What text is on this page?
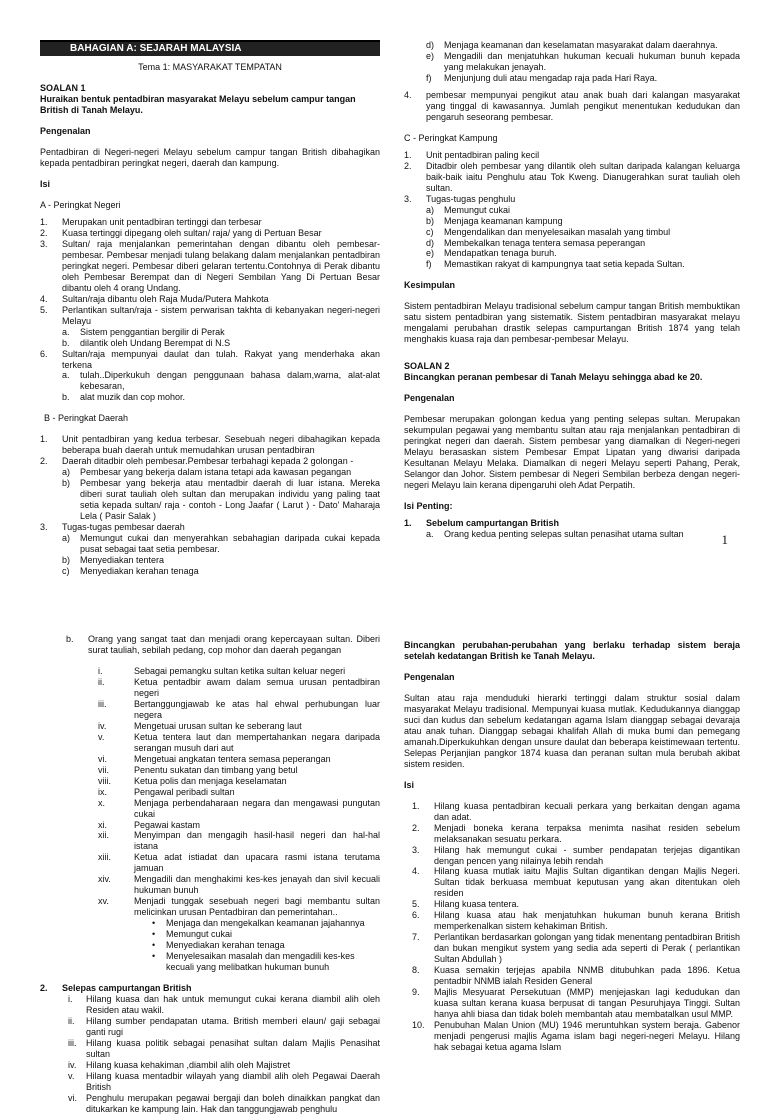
BAHAGIAN A: SEJARAH MALAYSIA

Tema 1: MASYARAKAT TEMPATAN

SOALAN 1

Huraikan bentuk pentadbiran masyarakat Melayu sebelum campur tangan British di Tanah Melayu.

Pengenalan

Pentadbiran di Negeri-negeri Melayu sebelum campur tangan British dibahagikan kepada pentadbiran peringkat negeri, daerah dan kampung.

Isi

A - Peringkat Negeri

1.	Merupakan unit pentadbiran tertinggi dan terbesar
2.	Kuasa tertinggi dipegang oleh sultan/ raja/ yang di Pertuan Besar
3.	Sultan/ raja menjalankan pemerintahan dengan dibantu oleh pembesar-pembesar. Pembesar menjadi tulang belakang dalam menjalankan pentadbiran peringkat negeri. Pembesar diberi gelaran tertentu.Contohnya di Perak dibantu oleh Pembesar Berempat dan di Negeri Sembilan Yang Di Pertuan Besar dibantu oleh 4 orang Undang.
4.	Sultan/raja dibantu oleh Raja Muda/Putera Mahkota
5.	Perlantikan sultan/raja - sistem perwarisan takhta di kebanyakan negeri-negeri Melayu
a.	Sistem penggantian bergilir di Perak
b.	dilantik oleh Undang Berempat di N.S
6.	Sultan/raja mempunyai daulat dan tulah. Rakyat yang menderhaka akan terkena
a.	tulah..Diperkukuh dengan penggunaan bahasa dalam,warna, alat-alat kebesaran,
b.	alat muzik dan cop mohor.

B - Peringkat Daerah

1.	Unit pentadbiran yang kedua terbesar. Sesebuah negeri dibahagikan kepada beberapa buah daerah untuk memudahkan urusan pentadbiran
2.	Daerah ditadbir oleh pembesar.Pembesar terbahagi kepada 2 golongan -
a)	Pembesar yang bekerja dalam istana tetapi ada kawasan pegangan
b)	Pembesar yang bekerja atau mentadbir daerah di luar istana. Mereka diberi surat tauliah oleh sultan dan merupakan individu yang paling taat setia kepada sultan/ raja - contoh - Long Jaafar ( Larut ) - Dato' Maharaja Lela ( Pasir Salak )
3.	Tugas-tugas pembesar daerah
a)	Memungut cukai dan menyerahkan sebahagian daripada cukai kepada pusat sebagai taat setia pembesar.
b)	Menyediakan tentera
c)	Menyediakan kerahan tenaga
d)	Menjaga keamanan dan keselamatan masyarakat dalam daerahnya.
e)	Mengadili dan menjatuhkan hukuman kecuali hukuman bunuh kepada yang melakukan jenayah.
f)	Menjunjung duli atau mengadap raja pada Hari Raya.
4.	pembesar mempunyai pengikut atau anak buah dari kalangan masyarakat yang tinggal di kawasannya. Jumlah pengikut menentukan kedudukan dan pengaruh seseorang pembesar.

C - Peringkat Kampung

1.	Unit pentadbiran paling kecil
2.	Ditadbir oleh pembesar yang dilantik oleh sultan daripada kalangan keluarga baik-baik iaitu Penghulu atau Tok Kweng. Dianugerahkan surat tauliah oleh sultan.
3.	Tugas-tugas penghulu
a)	Memungut cukai
b)	Menjaga keamanan kampung
c)	Mengendalikan dan menyelesaikan masalah yang timbul
d)	Membekalkan tenaga tentera semasa peperangan
e)	Mendapatkan tenaga buruh.
f)	Memastikan rakyat di kampungnya taat setia kepada Sultan.

Kesimpulan

Sistem pentadbiran Melayu tradisional sebelum campur tangan British membuktikan satu sistem pentadbiran yang sistematik. Sistem pentadbiran masyarakat melayu mengalami perubahan drastik selepas campurtangan British 1874 yang telah menghakis kuasa raja dan pembesar-pembesar Melayu.

SOALAN 2

Bincangkan peranan pembesar di Tanah Melayu sehingga abad ke 20.

Pengenalan

Pembesar merupakan golongan kedua yang penting selepas sultan. Merupakan sekumpulan pegawai yang membantu sultan atau raja menjalankan pentadbiran di peringkat negeri dan daerah. Sistem pembesar yang diamalkan di Negeri-negeri Melayu berasaskan sistem Pembesar Empat Lipatan yang diwarisi daripada Kesultanan Melayu Melaka. Diamalkan di negeri Melayu seperti Pahang, Perak, Selangor dan Johor. Sistem pembesar di Negeri Sembilan berbeza dengan negeri-negeri Melayu lain kerana dipengaruhi oleh Adat Perpatih.

Isi Penting:

1.	Sebelum campurtangan British
a.	Orang kedua penting selepas sultan penasihat utama sultan	1
b.	Orang yang sangat taat dan menjadi orang kepercayaan sultan. Diberi surat tauliah, sebilah pedang, cop mohor dan daerah pegangan
i.	Sebagai pemangku sultan ketika sultan keluar negeri
ii.	Ketua pentadbir awam dalam semua urusan pentadbiran negeri
iii.	Bertanggungjawab ke atas hal ehwal perhubungan luar negera
iv.	Mengetuai urusan sultan ke seberang laut
v.	Ketua tentera laut dan mempertahankan negara daripada serangan musuh dari aut
vi.	Mengetuai angkatan tentera semasa peperangan
vii.	Penentu sukatan dan timbang yang betul
viii.	Ketua polis dan menjaga keselamatan
ix.	Pengawal peribadi sultan
x.	Menjaga perbendaharaan negara dan mengawasi pungutan cukai
xi.	Pegawai kastam
xii.	Menyimpan dan mengagih hasil-hasil negeri dan hal-hal istana
xiii.	Ketua adat istiadat dan upacara rasmi istana terutama jamuan
xiv.	Mengadili dan menghakimi kes-kes jenayah dan sivil kecuali hukuman bunuh
xv.	Menjadi tunggak sesebuah negeri bagi membantu sultan melicinkan urusan Pentadbiran dan pemerintahan..
•	Menjaga dan mengekalkan keamanan jajahannya
•	Memungut cukai
•	Menyediakan kerahan tenaga
•	Menyelesaikan masalah dan mengadili kes-kes kecuali yang melibatkan hukuman bunuh
2.	Selepas campurtangan British
i.	Hilang kuasa dan hak untuk memungut cukai kerana diambil alih oleh Residen atau wakil.
ii.	Hilang sumber pendapatan utama. British memberi elaun/ gaji sebagai ganti rugi
iii.	Hilang kuasa politik sebagai penasihat sultan dalam Majlis Penasihat sultan
iv.	Hilang kuasa kehakiman ,diambil alih oleh Majistret
v.	Hilang kuasa mentadbir wilayah yang diambil alih oleh Pegawai Daerah British
vi.	Penghulu merupakan pegawai bergaji dan boleh dinaikkan pangkat dan ditukarkan ke kampung lain. Hak dan tanggungjawab penghulu

Bincangkan perubahan-perubahan yang berlaku terhadap sistem beraja setelah kedatangan British ke Tanah Melayu.

Pengenalan

Sultan atau raja menduduki hierarki tertinggi dalam struktur sosial dalam masyarakat Melayu tradisional. Mempunyai kuasa mutlak. Kedudukannya dianggap suci dan kudus dan sebelum kedatangan agama Islam dianggap sebagai devaraja atau anak tuhan. Dianggap sebagai khalifah Allah di muka bumi dan pemegang amanah.Diperkukuhkan dengan unsure daulat dan beberapa keistimewaan tertentu. Selepas Perjanjian pangkor 1874 kuasa dan peranan sultan mula berubah akibat sistem residen.

Isi

1.	Hilang kuasa pentadbiran kecuali perkara yang berkaitan dengan agama dan adat.
2.	Menjadi boneka kerana terpaksa menimta nasihat residen sebelum melaksanakan sesuatu perkara.
3.	Hilang hak memungut cukai - sumber pendapatan terjejas digantikan dengan pencen yang nilainya lebih rendah
4.	Hilang kuasa mutlak iaitu Majlis Sultan digantikan dengan Majlis Negeri. Sultan tidak berkuasa membuat keputusan yang akan ditentukan oleh residen
5.	Hilang kuasa tentera.
6.	Hilang kuasa atau hak menjatuhkan hukuman bunuh kerana British memperkenalkan sistem kehakiman British.
7.	Perlantikan berdasarkan golongan yang tidak menentang pentadbiran British dan bukan mengikut system yang sedia ada seperti di Perak ( perlantikan Sultan Abdullah )
8.	Kuasa semakin terjejas apabila NNMB ditubuhkan pada 1896. Ketua pentadbir NNMB ialah Residen General
9.	Majlis Mesyuarat Persekutuan (MMP) menjejaskan lagi kedudukan dan kuasa sultan kerana kuasa berpusat di tangan Pesuruhjaya Tinggi. Sultan hanya ahli biasa dan tidak boleh membantah atau membatalkan usul MMP.
10.	Penubuhan Malan Union (MU) 1946 meruntuhkan system beraja. Gabenor menjadi pengerusi majlis Agama islam bagi negeri-negeri Melayu. Hilang hak sebagai ketua agama Islam
